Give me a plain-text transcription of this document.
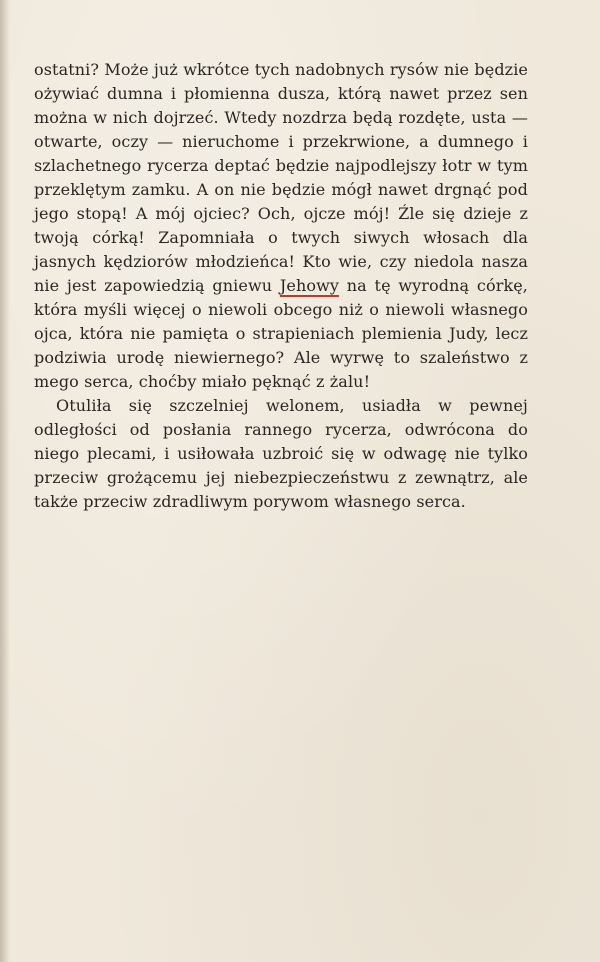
ostatni? Może już wkrótce tych nadobnych rysów nie będzie ożywiać dumna i płomienna dusza, którą nawet przez sen można w nich dojrzeć. Wtedy nozdrza będą rozdęte, usta — otwarte, oczy — nieruchome i przekrwione, a dumnego i szlachetnego rycerza deptać będzie najpodlejszy łotr w tym przeklętym zamku. A on nie będzie mógł nawet drgnąć pod jego stopą! A mój ojciec? Och, ojcze mój! Źle się dzieje z twoją córką! Zapomniała o twych siwych włosach dla jasnych kędziorów młodzieńca! Kto wie, czy niedola nasza nie jest zapowiedzią gniewu Jehowy na tę wyrodną córkę, która myśli więcej o niewoli obcego niż o niewoli własnego ojca, która nie pamięta o strapieniach plemienia Judy, lecz podziwia urodę niewiernego? Ale wyrwę to szaleństwo z mego serca, choćby miało pęknąć z żalu!

Otuliła się szczelniej welonem, usiadła w pewnej odległości od posłania rannego rycerza, odwrócona do niego plecami, i usiłowała uzbroić się w odwagę nie tylko przeciw grożącemu jej niebezpieczeństwu z zewnątrz, ale także przeciw zdradliwym porywom własnego serca.
